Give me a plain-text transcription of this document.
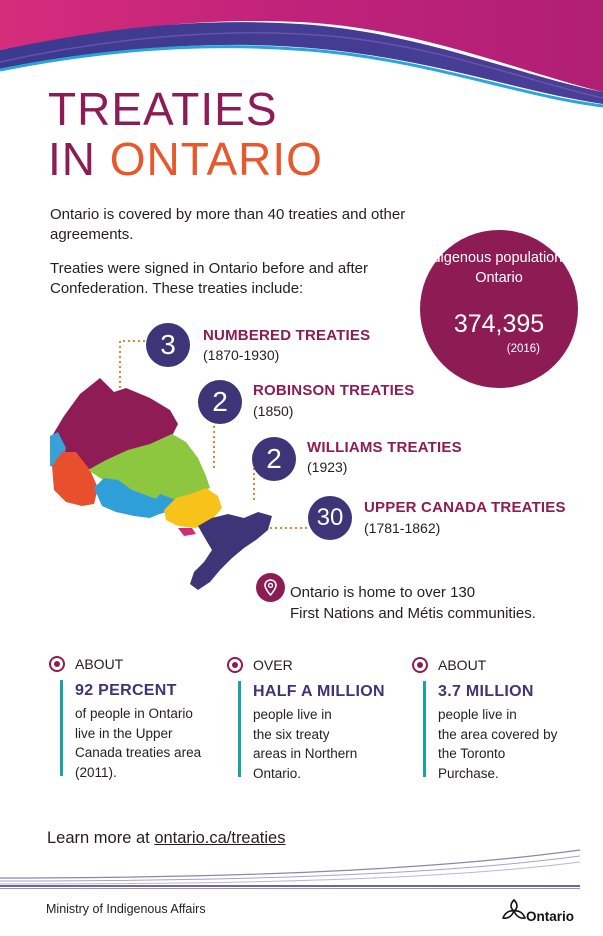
TREATIES
IN ONTARIO
Ontario is covered by more than 40 treaties and other agreements.
Treaties were signed in Ontario before and after Confederation. These treaties include:
Indigenous population in Ontario
374,395
(2016)
3	NUMBERED TREATIES
(1870-1930)
2	ROBINSON TREATIES
(1850)
2	WILLIAMS TREATIES
(1923)
30	UPPER CANADA TREATIES
(1781-1862)
Ontario is home to over 130
First Nations and Métis communities.
ABOUT
92 PERCENT
of people in Ontario
live in the Upper
Canada treaties area
(2011).
OVER
HALF A MILLION
people live in
the six treaty
areas in Northern
Ontario.
ABOUT
3.7 MILLION
people live in
the area covered by
the Toronto
Purchase.
Learn more at ontario.ca/treaties
Ministry of Indigenous Affairs	Ontario
